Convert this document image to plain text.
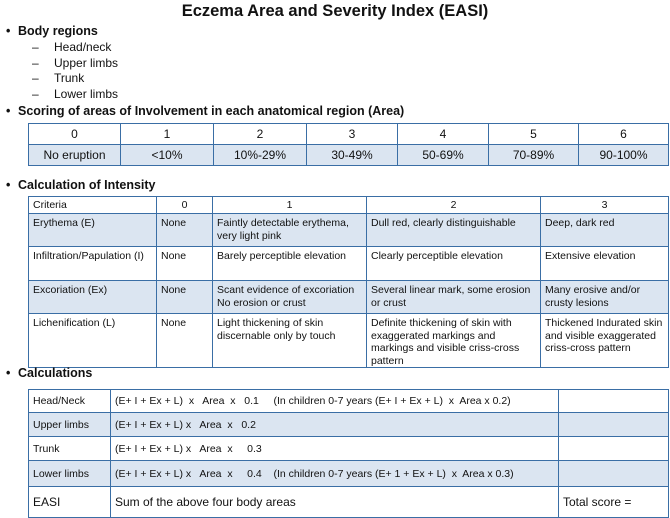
Eczema Area and Severity Index (EASI)
• Body regions
– Head/neck
– Upper limbs
– Trunk
– Lower limbs
• Scoring of areas of Involvement in each anatomical region (Area)
0	1	2	3	4	5	6
No eruption	<10%	10%-29%	30-49%	50-69%	70-89%	90-100%
• Calculation of Intensity
Criteria	0	1	2	3
Erythema (E)	None	Faintly detectable erythema, very light pink	Dull red, clearly distinguishable	Deep, dark red
Infiltration/Papulation (I)	None	Barely perceptible elevation	Clearly perceptible elevation	Extensive elevation
Excoriation (Ex)	None	Scant evidence of excoriation No erosion or crust	Several linear mark, some erosion or crust	Many erosive and/or crusty lesions
Lichenification (L)	None	Light thickening of skin discernable only by touch	Definite thickening of skin with exaggerated markings and markings and visible criss-cross pattern	Thickened Indurated skin and visible exaggerated criss-cross pattern
• Calculations
Head/Neck	(E+ I + Ex + L)  x   Area  x   0.1     (In children 0-7 years (E+ I + Ex + L)  x  Area x 0.2)	
Upper limbs	(E+ I + Ex + L) x   Area  x   0.2	
Trunk	(E+ I + Ex + L) x   Area  x     0.3	
Lower limbs	(E+ I + Ex + L) x   Area  x     0.4    (In children 0-7 years (E+ 1 + Ex + L)  x  Area x 0.3)	
EASI	Sum of the above four body areas	Total score =
